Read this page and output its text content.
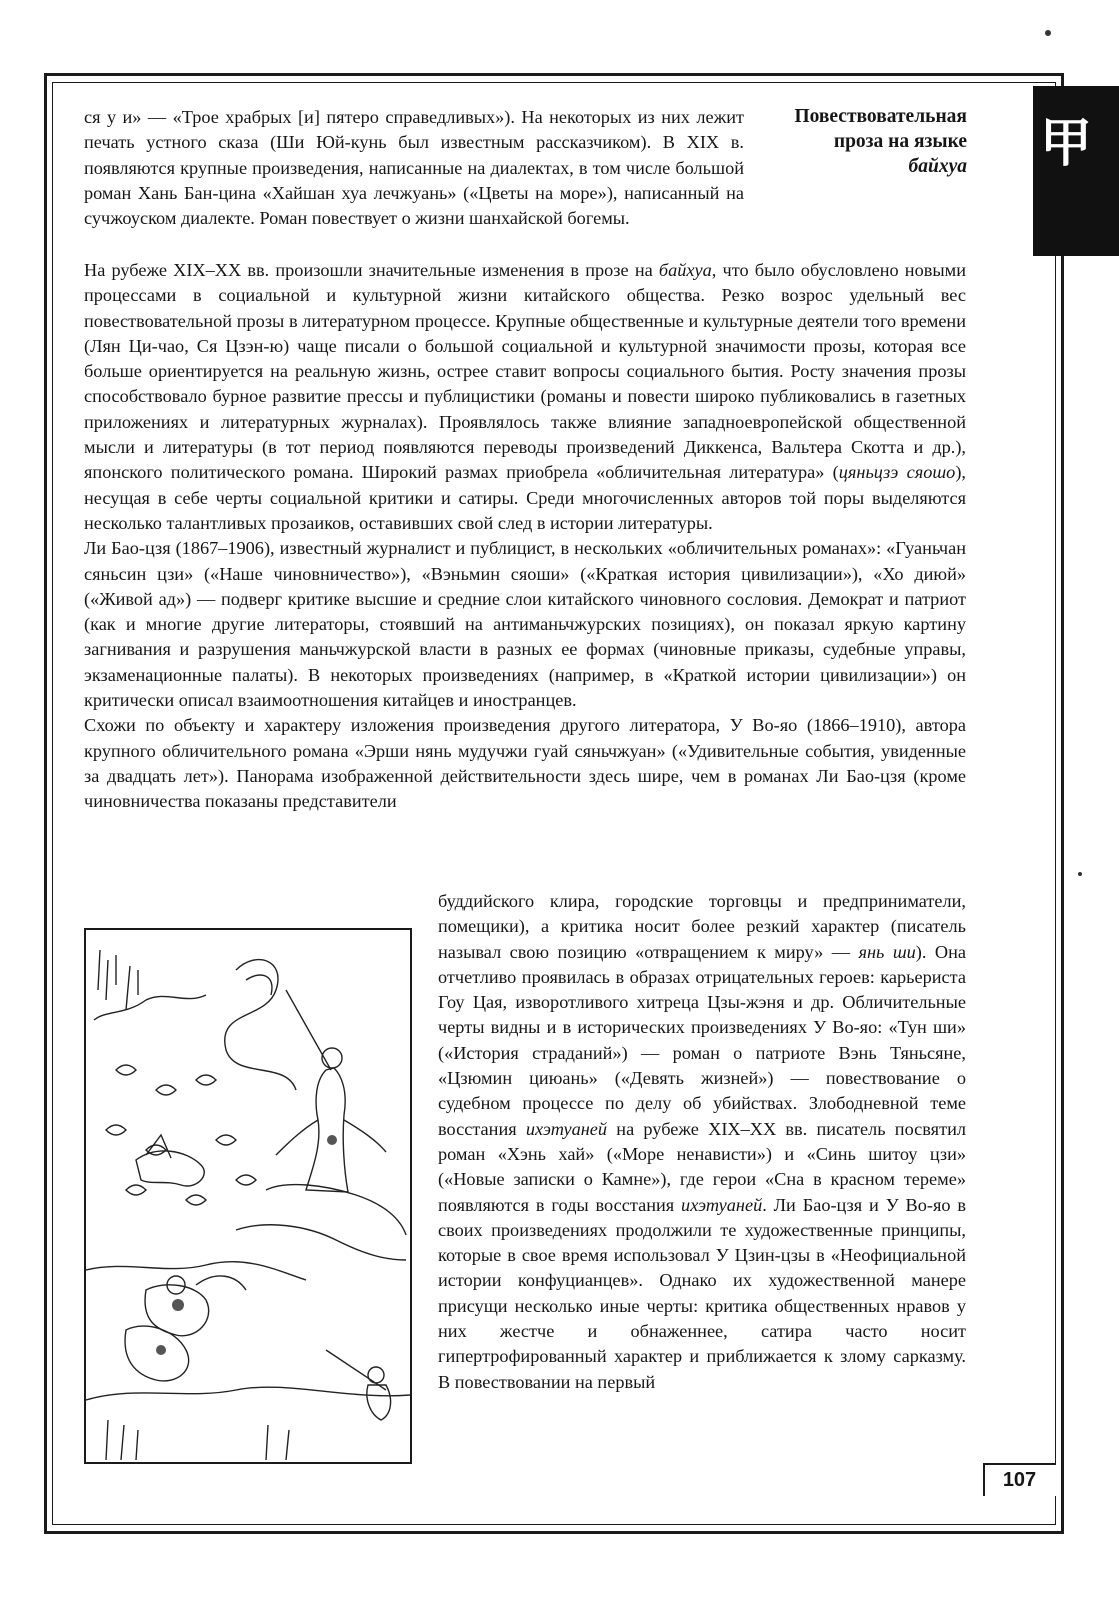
甲
Повествовательная
проза на языке
байхуа

ся у и» — «Трое храбрых [и] пятеро справедливых»). На некоторых из них лежит печать устного сказа (Ши Юй-кунь был известным рассказчиком). В XIX в. появляются крупные произведения, написанные на диалектах, в том числе большой роман Хань Бан-цина «Хайшан хуа лечжуань» («Цветы на море»), написанный на сучжоуском диалекте. Роман повествует о жизни шанхайской богемы.

На рубеже XIX–XX вв. произошли значительные изменения в прозе на байхуа, что было обусловлено новыми процессами в социальной и культурной жизни китайского общества. Резко возрос удельный вес повествовательной прозы в литературном процессе. Крупные общественные и культурные деятели того времени (Лян Ци-чао, Ся Цзэн-ю) чаще писали о большой социальной и культурной значимости прозы, которая все больше ориентируется на реальную жизнь, острее ставит вопросы социального бытия. Росту значения прозы способствовало бурное развитие прессы и публицистики (романы и повести широко публиковались в газетных приложениях и литературных журналах). Проявлялось также влияние западноевропейской общественной мысли и литературы (в тот период появляются переводы произведений Диккенса, Вальтера Скотта и др.), японского политического романа. Широкий размах приобрела «обличительная литература» (цяньцзэ сяошо), несущая в себе черты социальной критики и сатиры. Среди многочисленных авторов той поры выделяются несколько талантливых прозаиков, оставивших свой след в истории литературы.

Ли Бао-цзя (1867–1906), известный журналист и публицист, в нескольких «обличительных романах»: «Гуаньчан сяньсин цзи» («Наше чиновничество»), «Вэньмин сяоши» («Краткая история цивилизации»), «Хо диюй» («Живой ад») — подверг критике высшие и средние слои китайского чиновного сословия. Демократ и патриот (как и многие другие литераторы, стоявший на антиманьчжурских позициях), он показал яркую картину загнивания и разрушения маньчжурской власти в разных ее формах (чиновные приказы, судебные управы, экзаменационные палаты). В некоторых произведениях (например, в «Краткой истории цивилизации») он критически описал взаимоотношения китайцев и иностранцев.

Схожи по объекту и характеру изложения произведения другого литератора, У Во-яо (1866–1910), автора крупного обличительного романа «Эрши нянь мудучжи гуай сяньчжуан» («Удивительные события, увиденные за двадцать лет»). Панорама изображенной действительности здесь шире, чем в романах Ли Бао-цзя (кроме чиновничества показаны представители

буддийского клира, городские торговцы и предприниматели, помещики), а критика носит более резкий характер (писатель называл свою позицию «отвращением к миру» — янь ши). Она отчетливо проявилась в образах отрицательных героев: карьериста Гоу Цая, изворотливого хитреца Цзы-жэня и др. Обличительные черты видны и в исторических произведениях У Во-яо: «Тун ши» («История страданий») — роман о патриоте Вэнь Тяньсяне, «Цзюмин циюань» («Девять жизней») — повествование о судебном процессе по делу об убийствах. Злободневной теме восстания ихэтуаней на рубеже XIX–XX вв. писатель посвятил роман «Хэнь хай» («Море ненависти») и «Синь шитоу цзи» («Новые записки о Камне»), где герои «Сна в красном тереме» появляются в годы восстания ихэтуаней. Ли Бао-цзя и У Во-яо в своих произведениях продолжили те художественные принципы, которые в свое время использовал У Цзин-цзы в «Неофициальной истории конфуцианцев». Однако их художественной манере присущи несколько иные черты: критика общественных нравов у них жестче и обнаженнее, сатира часто носит гипертрофированный характер и приближается к злому сарказму. В повествовании на первый

107
